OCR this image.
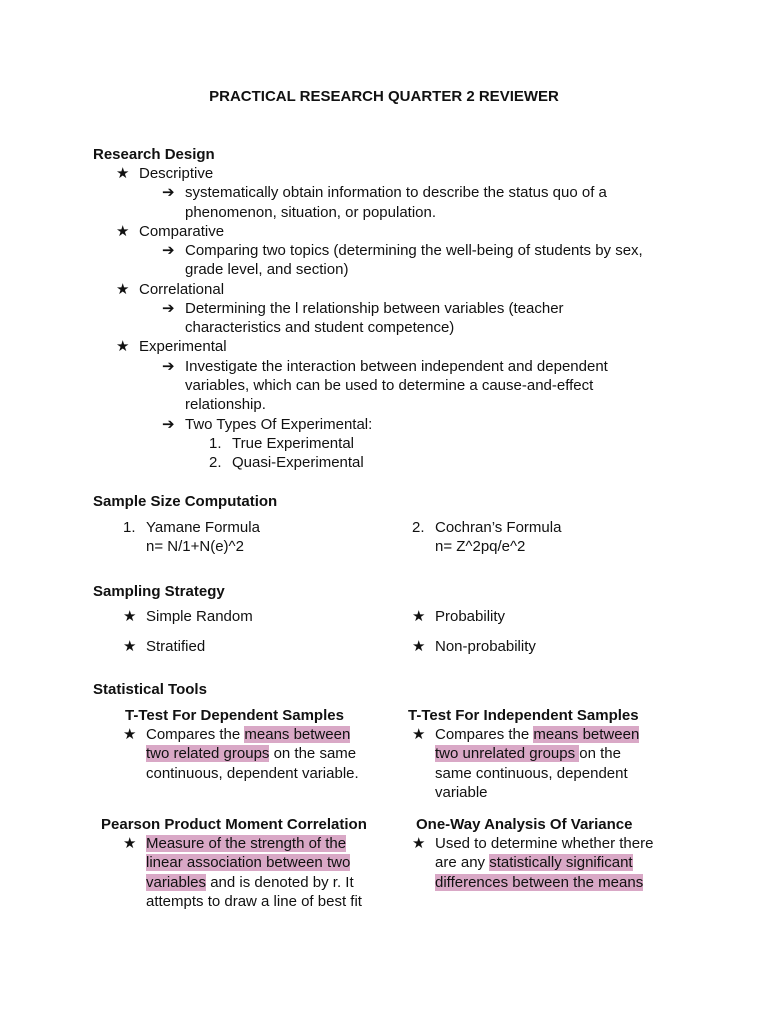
PRACTICAL RESEARCH QUARTER 2 REVIEWER
Research Design
★ Descriptive
➔ systematically obtain information to describe the status quo of a
phenomenon, situation, or population.
★ Comparative
➔ Comparing two topics (determining the well-being of students by sex,
grade level, and section)
★ Correlational
➔ Determining the l relationship between variables (teacher
characteristics and student competence)
★ Experimental
➔ Investigate the interaction between independent and dependent
variables, which can be used to determine a cause-and-effect
relationship.
➔ Two Types Of Experimental:
1. True Experimental
2. Quasi-Experimental
Sample Size Computation
1. Yamane Formula
n= N/1+N(e)^2
2. Cochran’s Formula
n= Z^2pq/e^2
Sampling Strategy
★ Simple Random	★ Probability
★ Stratified	★ Non-probability
Statistical Tools
T-Test For Dependent Samples
★ Compares the means between
two related groups on the same
continuous, dependent variable.
T-Test For Independent Samples
★ Compares the means between
two unrelated groups on the
same continuous, dependent
variable
Pearson Product Moment Correlation
★ Measure of the strength of the
linear association between two
variables and is denoted by r. It
attempts to draw a line of best fit
One-Way Analysis Of Variance
★ Used to determine whether there
are any statistically significant
differences between the means
